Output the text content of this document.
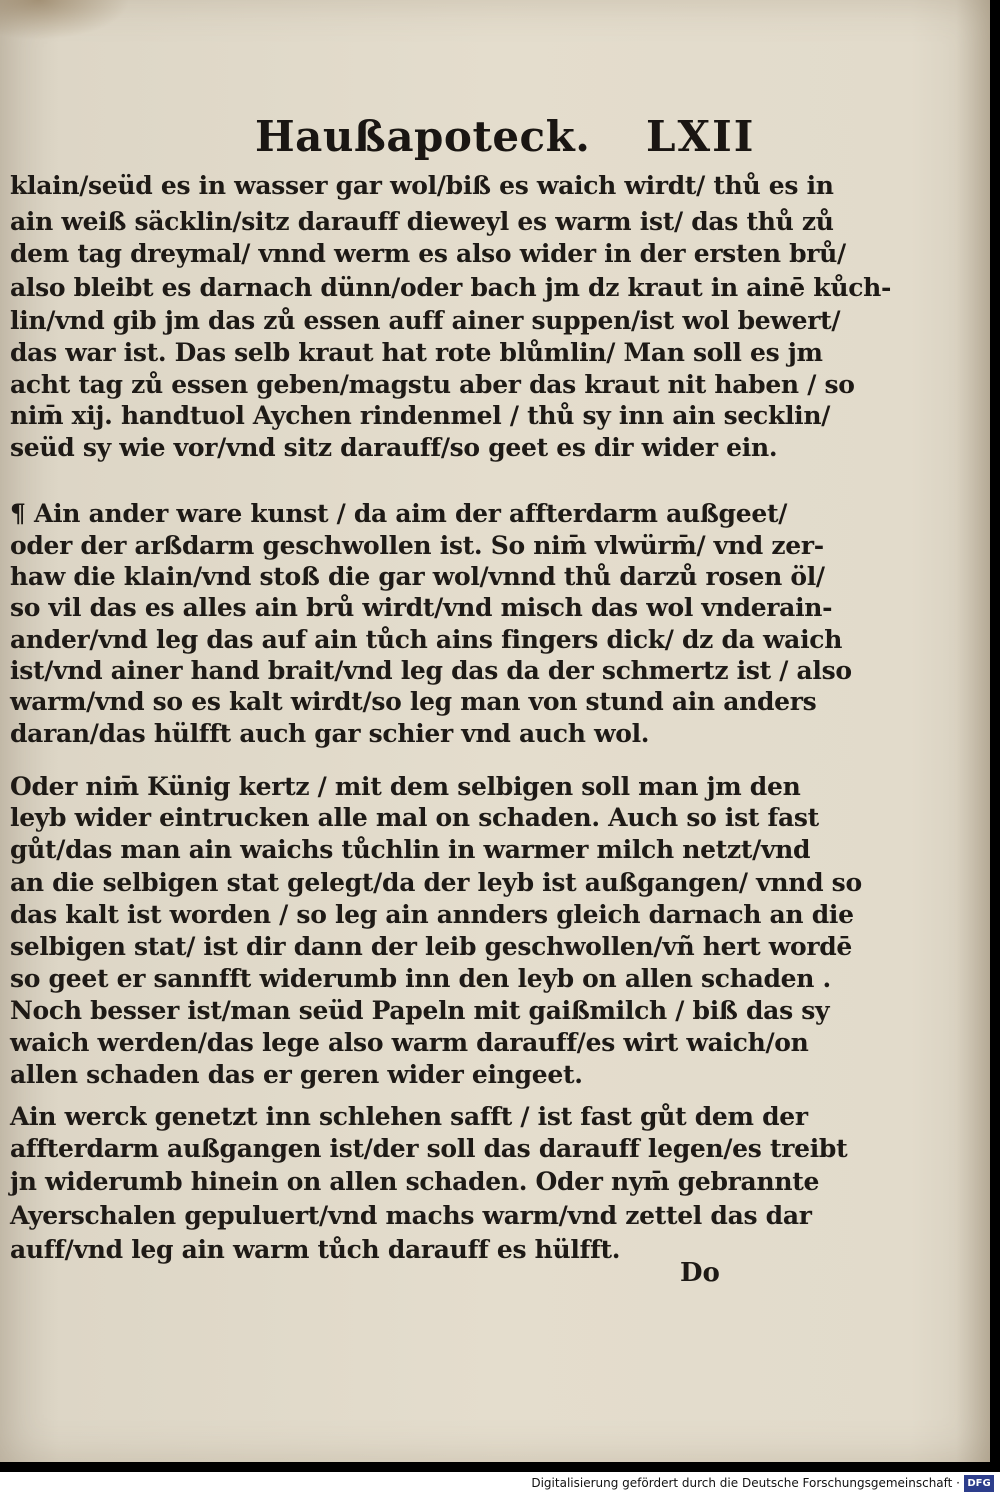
Haußapoteck. LXII
klain/seüd es in wasser gar wol/biß es waich wirdt/ thů es in
ain weiß säcklin/sitz darauff dieweyl es warm ist/ das thů zů
dem tag dreymal/ vnnd werm es also wider in der ersten brů/
also bleibt es darnach dünn/oder bach jm dz kraut in ainē kůch-
lin/vnd gib jm das zů essen auff ainer suppen/ist wol bewert/
das war ist. Das selb kraut hat rote blůmlin/ Man soll es jm
acht tag zů essen geben/magstu aber das kraut nit haben / so
nim̄ xij. handtuol Aychen rindenmel / thů sy inn ain secklin/
seüd sy wie vor/vnd sitz darauff/so geet es dir wider ein.
¶ Ain ander ware kunst / da aim der affterdarm außgeet/
oder der arßdarm geschwollen ist. So nim̄ vlwürm̄/ vnd zer-
haw die klain/vnd stoß die gar wol/vnnd thů darzů rosen öl/
so vil das es alles ain brů wirdt/vnd misch das wol vnderain-
ander/vnd leg das auf ain tůch ains fingers dick/ dz da waich
ist/vnd ainer hand brait/vnd leg das da der schmertz ist / also
warm/vnd so es kalt wirdt/so leg man von stund ain anders
daran/das hülfft auch gar schier vnd auch wol.
Oder nim̄ Künig kertz / mit dem selbigen soll man jm den
leyb wider eintrucken alle mal on schaden. Auch so ist fast
gůt/das man ain waichs tůchlin in warmer milch netzt/vnd
an die selbigen stat gelegt/da der leyb ist außgangen/ vnnd so
das kalt ist worden / so leg ain annders gleich darnach an die
selbigen stat/ ist dir dann der leib geschwollen/vñ hert wordē
so geet er sannfft widerumb inn den leyb on allen schaden .
Noch besser ist/man seüd Papeln mit gaißmilch / biß das sy
waich werden/das lege also warm darauff/es wirt waich/on
allen schaden das er geren wider eingeet.
Ain werck genetzt inn schlehen safft / ist fast gůt dem der
affterdarm außgangen ist/der soll das darauff legen/es treibt
jn widerumb hinein on allen schaden. Oder nym̄ gebrannte
Ayerschalen gepuluert/vnd machs warm/vnd zettel das dar
auff/vnd leg ain warm tůch darauff es hülfft.
Do
Digitalisierung gefördert durch die Deutsche Forschungsgemeinschaft · DFG
